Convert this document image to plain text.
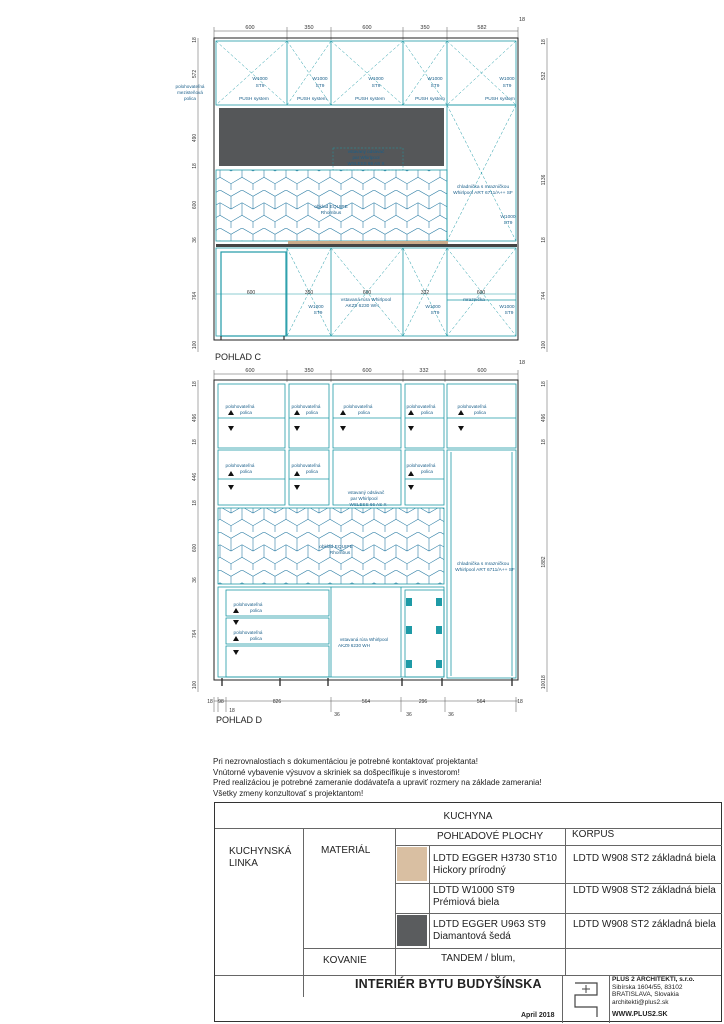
600	350	600	350	582
18
18
572
490
18
600
36
764
100
18
532
1136
18
744
100
W1000
ST9
PUSH system
W1000
ST9
PUSH system
W1000
ST9
PUSH system
W1000
ST9
PUSH system
W1000
ST9
PUSH system
polohovateľná
mezisteňová
polica
vstavaný odsávač
par Whirlpool
WSLESS 66 AS X
obklad EQUIPE
Rhombus
chladnička s mrazničkou
Whirlpool ART 6711/A++ SF
W1000
ST9
600	350	600	332	600
W1000
ST9
W1000
ST9
W1000
ST9
vstavaná rúra Whirlpool
AKZ9 6230 WH
mraznička
POHLAD C
600	350	600	332	600
18
18
496
18
446
18
600
36
764
100
18
496
18
1882
18
100
polohovateľná
polica
polohovateľná
polica
polohovateľná
polica
polohovateľná
polica
polohovateľná
polica
polohovateľná
polica
polohovateľná
polica
polohovateľná
polica
vstavaný odsávač
par Whirlpool
WSLESS 66 AS X
obklad EQUIPE
Rhombus
chladnička s mrazničkou
Whirlpool ART 6711/A++ SF
polohovateľná
polica
polohovateľná
polica	vstavaná rúra Whirlpool
AKZ9 6230 WH
18 98	826	564	296	564	18
18
36	36	36
POHLAD D
Pri nezrovnalostiach s dokumentáciou je potrebné kontaktovať projektanta!
Vnútorné vybavenie výsuvov a skriniek sa došpecifikuje s investorom!
Pred realizáciou je potrebné zameranie dodávateľa a upraviť rozmery na základe zamerania!
Všetky zmeny konzultovať s projektantom!
KUCHYNA
KUCHYNSKÁ
LINKA
MATERIÁL
POHĽADOVÉ PLOCHY	KORPUS
LDTD EGGER H3730 ST10
Hickory prírodný
LDTD W908 ST2 základná biela
LDTD W1000 ST9
Prémiová biela
LDTD W908 ST2 základná biela
LDTD EGGER U963 ST9
Diamantová šedá
LDTD W908 ST2 základná biela
KOVANIE	TANDEM / blum,
INTERIÉR BYTU BUDYŠÍNSKA
April 2018
PLUS 2 ARCHITEKTI, s.r.o.
Sibírska 1604/55, 83102
BRATISLAVA, Slovakia
architekti@plus2.sk
WWW.PLUS2.SK
